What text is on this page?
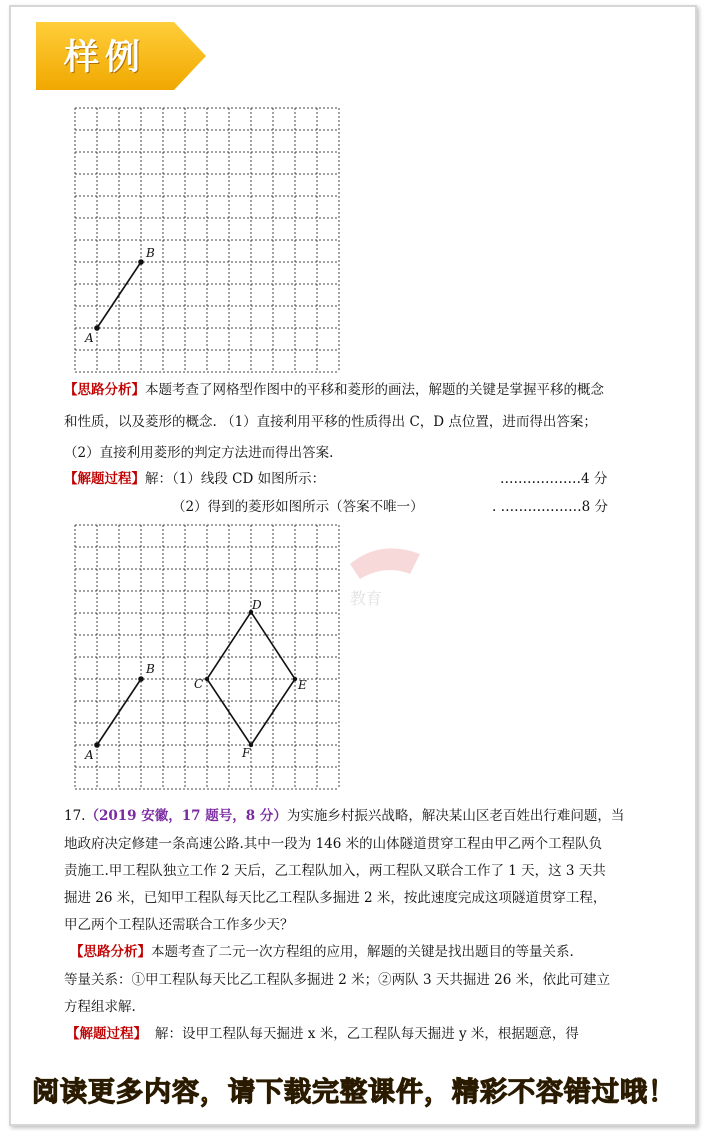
样例
A
B
【思路分析】本题考查了网格型作图中的平移和菱形的画法，解题的关键是掌握平移的概念
和性质，以及菱形的概念. （1）直接利用平移的性质得出 C，D 点位置，进而得出答案；
（2）直接利用菱形的判定方法进而得出答案.
【解题过程】解：（1）线段 CD 如图所示：	………………4 分
（2）得到的菱形如图所示（答案不唯一）	. ………………8 分
教育
A
B
C
D
E
F
17.（2019 安徽，17 题号，8 分）为实施乡村振兴战略，解决某山区老百姓出行难问题，当
地政府决定修建一条高速公路.其中一段为 146 米的山体隧道贯穿工程由甲乙两个工程队负
责施工.甲工程队独立工作 2 天后，乙工程队加入，两工程队又联合工作了 1 天，这 3 天共
掘进 26 米，已知甲工程队每天比乙工程队多掘进 2 米，按此速度完成这项隧道贯穿工程，
甲乙两个工程队还需联合工作多少天？
【思路分析】本题考查了二元一次方程组的应用，解题的关键是找出题目的等量关系.
等量关系：①甲工程队每天比乙工程队多掘进 2 米；②两队 3 天共掘进 26 米，依此可建立
方程组求解.
【解题过程】 解：设甲工程队每天掘进 x 米，乙工程队每天掘进 y 米，根据题意，得
阅读更多内容，请下载完整课件，精彩不容错过哦！
